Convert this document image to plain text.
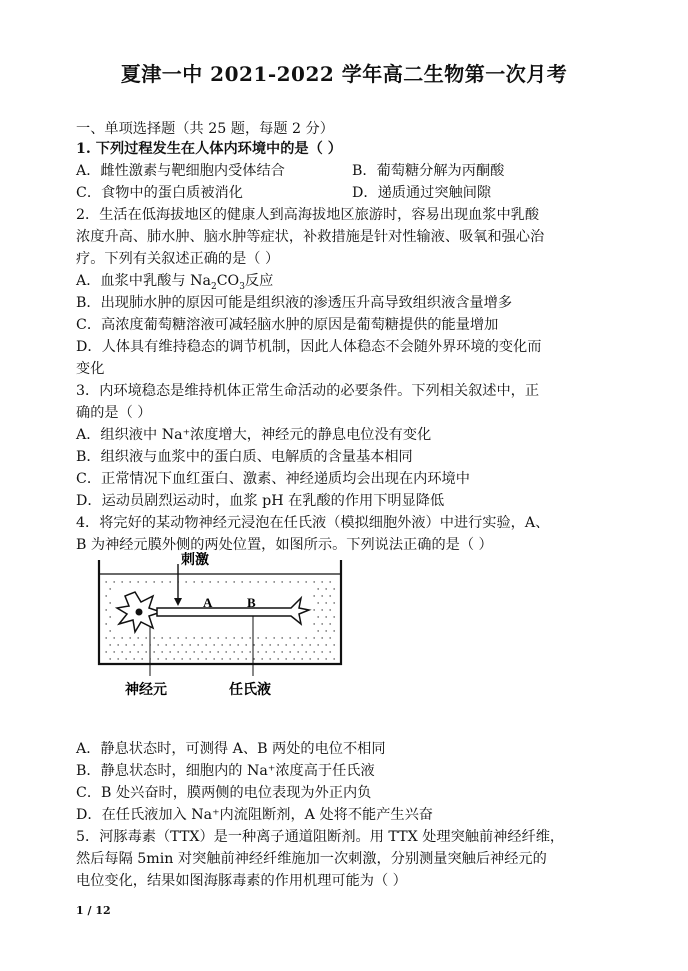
夏津一中 2021-2022 学年高二生物第一次月考
一、单项选择题（共 25 题，每题 2 分）
1. 下列过程发生在人体内环境中的是（ ）
A．雌性激素与靶细胞内受体结合	B．葡萄糖分解为丙酮酸
C．食物中的蛋白质被消化	D．递质通过突触间隙
2．生活在低海拔地区的健康人到高海拔地区旅游时，容易出现血浆中乳酸
浓度升高、肺水肿、脑水肿等症状，补救措施是针对性输液、吸氧和强心治
疗。下列有关叙述正确的是（ ）
A．血浆中乳酸与 $Na_2CO_3$反应
B．出现肺水肿的原因可能是组织液的渗透压升高导致组织液含量增多
C．高浓度葡萄糖溶液可减轻脑水肿的原因是葡萄糖提供的能量增加
D．人体具有维持稳态的调节机制，因此人体稳态不会随外界环境的变化而
变化
3．内环境稳态是维持机体正常生命活动的必要条件。下列相关叙述中，正
确的是（ ）
A．组织液中 Na⁺浓度增大，神经元的静息电位没有变化
B．组织液与血浆中的蛋白质、电解质的含量基本相同
C．正常情况下血红蛋白、激素、神经递质均会出现在内环境中
D．运动员剧烈运动时，血浆 pH 在乳酸的作用下明显降低
4．将完好的某动物神经元浸泡在任氏液（模拟细胞外液）中进行实验，A、
B 为神经元膜外侧的两处位置，如图所示。下列说法正确的是（ ）
刺激
A	B
神经元	任氏液
A．静息状态时，可测得 A、B 两处的电位不相同
B．静息状态时，细胞内的 Na⁺浓度高于任氏液
C．B 处兴奋时，膜两侧的电位表现为外正内负
D．在任氏液加入 Na⁺内流阻断剂，A 处将不能产生兴奋
5．河豚毒素（TTX）是一种离子通道阻断剂。用 TTX 处理突触前神经纤维，
然后每隔 5min 对突触前神经纤维施加一次刺激，分别测量突触后神经元的
电位变化，结果如图海豚毒素的作用机理可能为（ ）
1 / 12
